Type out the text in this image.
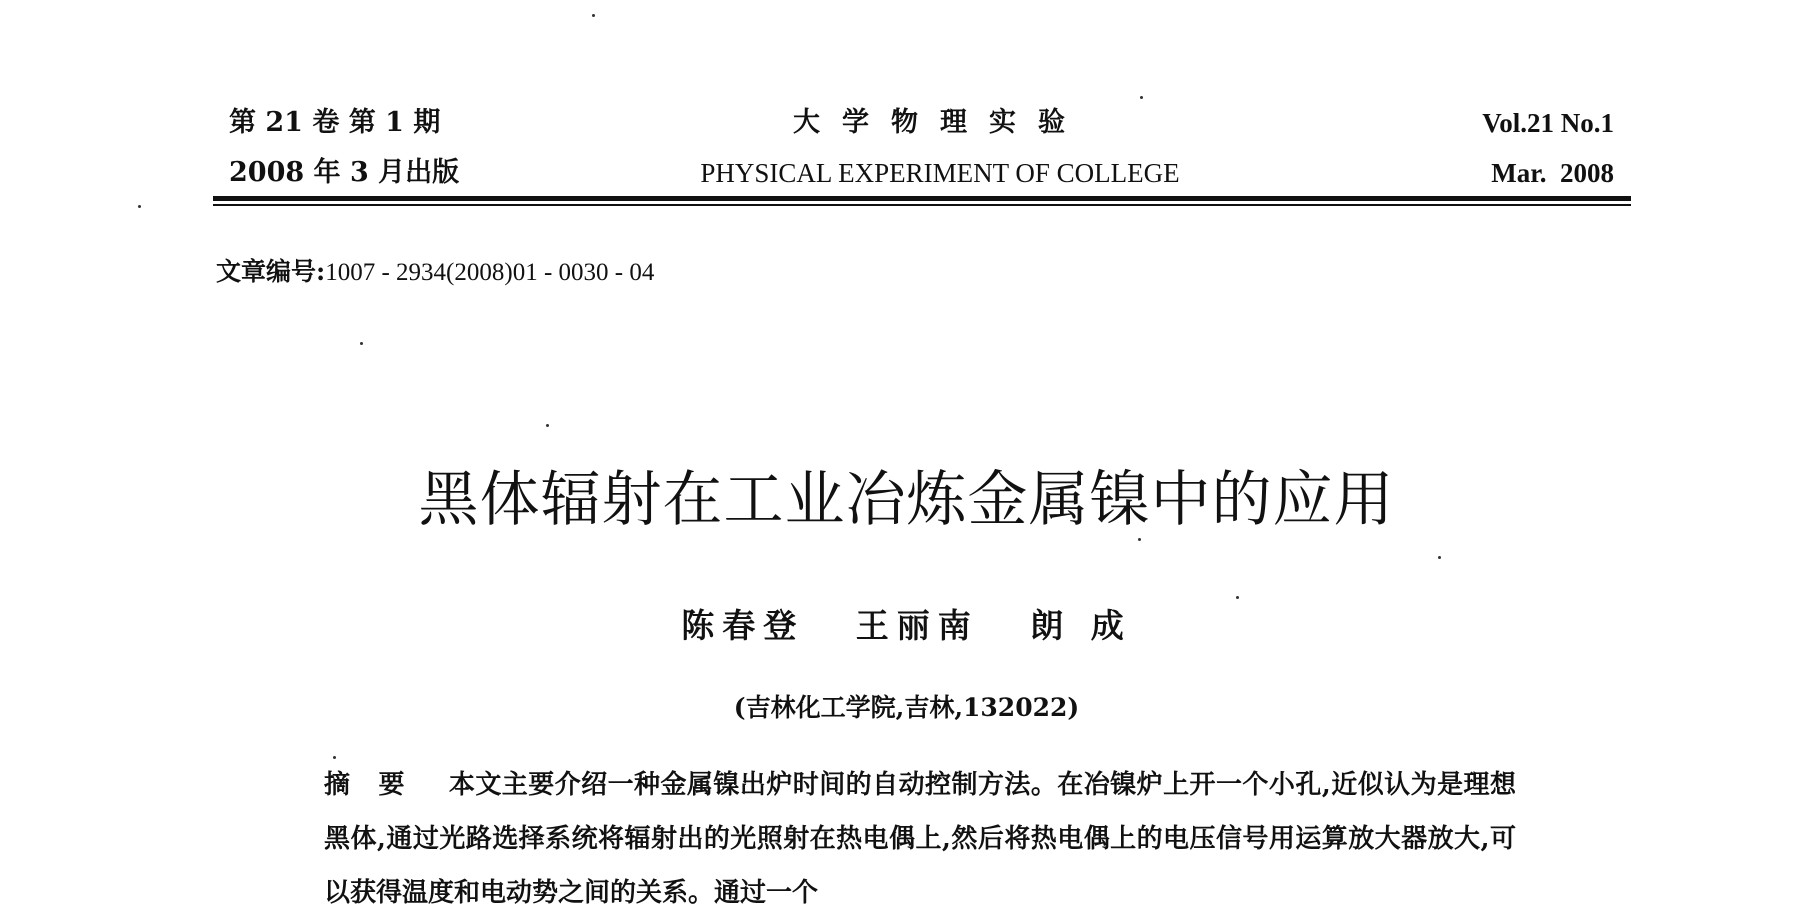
第 21 卷 第 1 期
2008 年 3 月出版
大学物理实验
PHYSICAL EXPERIMENT OF COLLEGE
Vol.21 No.1
Mar.  2008
文章编号:1007 - 2934(2008)01 - 0030 - 04
黑体辐射在工业冶炼金属镍中的应用
陈春登 王丽南 朗 成
(吉林化工学院,吉林,132022)
摘要 本文主要介绍一种金属镍出炉时间的自动控制方法。在冶镍炉上开一个小孔,近似认为是理想黑体,通过光路选择系统将辐射出的光照射在热电偶上,然后将热电偶上的电压信号用运算放大器放大,可以获得温度和电动势之间的关系。通过一个
